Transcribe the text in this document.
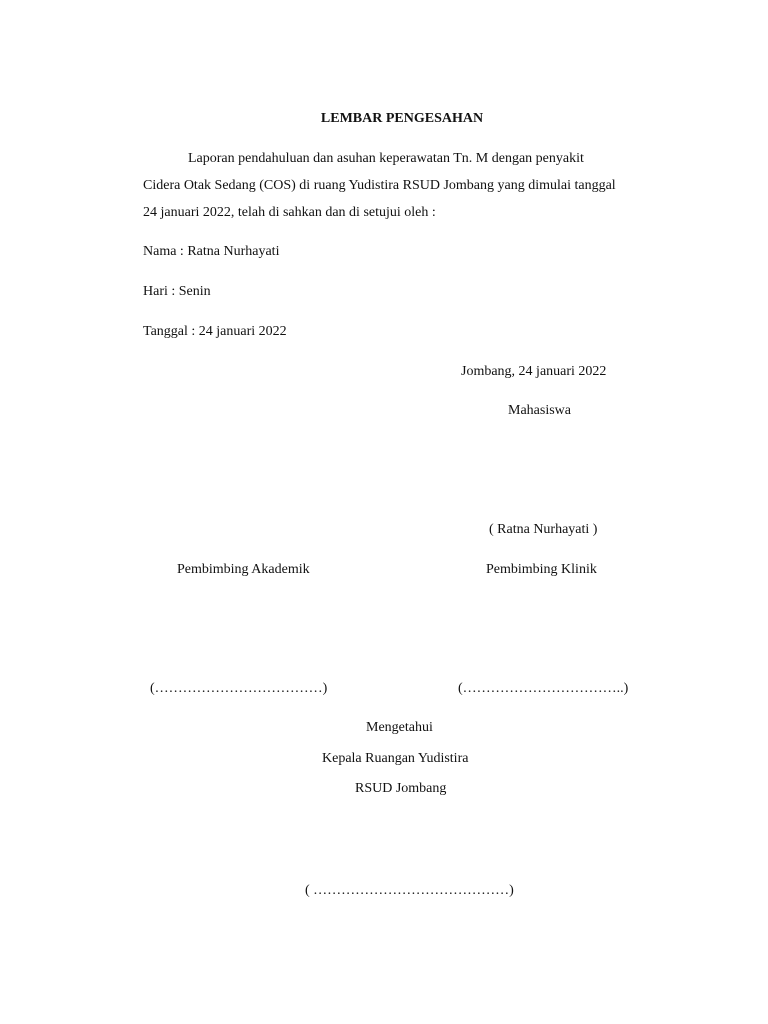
LEMBAR PENGESAHAN
Laporan pendahuluan dan asuhan keperawatan Tn. M dengan penyakit
Cidera Otak Sedang (COS) di ruang Yudistira RSUD Jombang yang dimulai tanggal
24 januari 2022, telah di sahkan dan di setujui oleh :
Nama : Ratna Nurhayati
Hari : Senin
Tanggal : 24 januari 2022
Jombang, 24 januari 2022
Mahasiswa
( Ratna Nurhayati )
Pembimbing Akademik	Pembimbing Klinik
(………………………………)	(……………………………..)
Mengetahui
Kepala Ruangan Yudistira
RSUD Jombang
( ……………………………………)
